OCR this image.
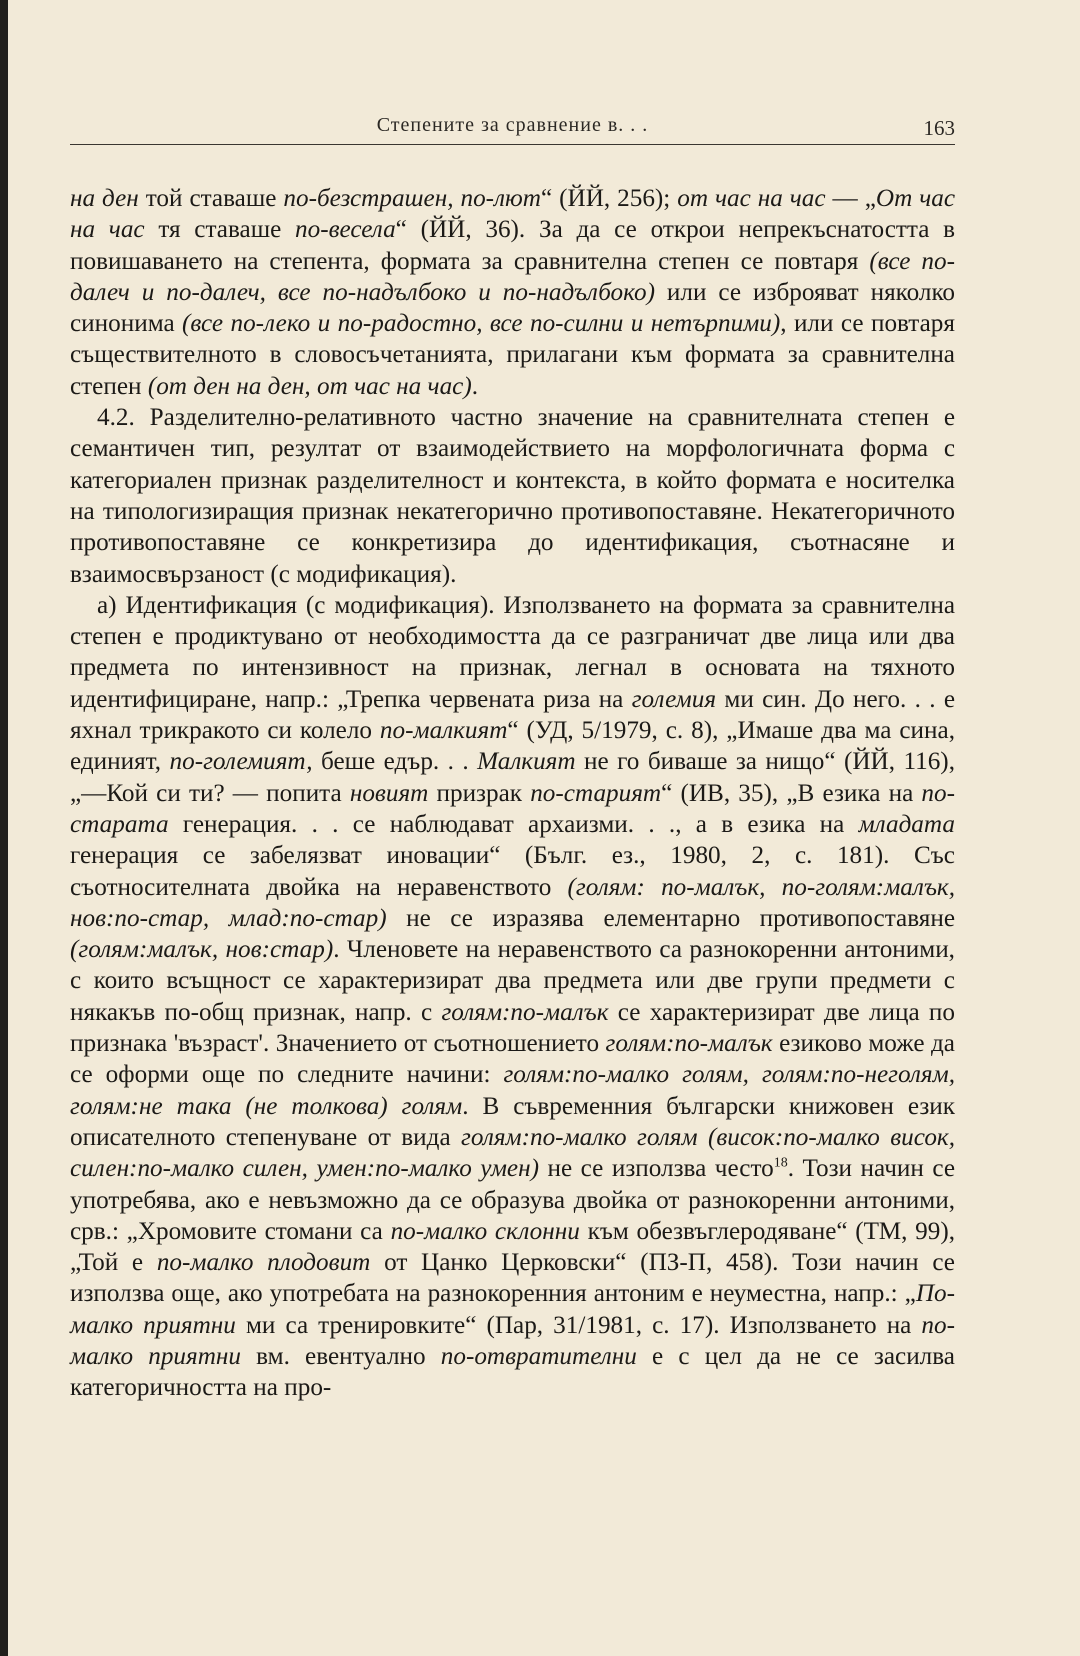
Степените за сравнение в. . .	163

на ден той ставаше по-безстрашен, по-лют“ (ЙЙ, 256); от час на час — „От час на час тя ставаше по-весела“ (ЙЙ, 36). За да се открои непрекъснатостта в повишаването на степента, формата за сравнителна степен се повтаря (все по-далеч и по-далеч, все по-надълбоко и по-надълбоко) или се изброяват няколко синонима (все по-леко и по-радостно, все по-силни и нетърпими), или се повтаря съществителното в словосъчетанията, прилагани към формата за сравнителна степен (от ден на ден, от час на час).

4.2. Разделително-релативното частно значение на сравнителната степен е семантичен тип, резултат от взаимодействието на морфологичната форма с категориален признак разделителност и контекста, в който формата е носителка на типологизиращия признак некатегорично противопоставяне. Некатегоричното противопоставяне се конкретизира до идентификация, съотнасяне и взаимосвързаност (с модификация).

а) Идентификация (с модификация). Използването на формата за сравнителна степен е продиктувано от необходимостта да се разграничат две лица или два предмета по интензивност на признак, легнал в основата на тяхното идентифициране, напр.: „Трепка червената риза на големия ми син. До него. . . е яхнал трикракото си колело по-малкият“ (УД, 5/1979, с. 8), „Имаше два ма сина, единият, по-големият, беше едър. . . Малкият не го биваше за нищо“ (ЙЙ, 116), „—Кой си ти? — попита новият призрак по-старият“ (ИВ, 35), „В езика на по-старата генерация. . . се наблюдават архаизми. . ., а в езика на младата генерация се забелязват иновации“ (Бълг. ез., 1980, 2, с. 181). Със съотносителната двойка на неравенството (голям: по-малък, по-голям:малък, нов:по-стар, млад:по-стар) не се изразява елементарно противопоставяне (голям:малък, нов:стар). Членовете на неравенството са разнокоренни антоними, с които всъщност се характеризират два предмета или две групи предмети с някакъв по-общ признак, напр. с голям:по-малък се характеризират две лица по признака 'възраст'. Значението от съотношението голям:по-малък езиково може да се оформи още по следните начини: голям:по-малко голям, голям:по-неголям, голям:не така (не толкова) голям. В съвременния български книжовен език описателното степенуване от вида голям:по-малко голям (висок:по-малко висок, силен:по-малко силен, умен:по-малко умен) не се използва често$^{18}$. Този начин се употребява, ако е невъзможно да се образува двойка от разнокоренни антоними, срв.: „Хромовите стомани са по-малко склонни към обезвъглеродяване“ (ТМ, 99), „Той е по-малко плодовит от Цанко Церковски“ (ПЗ-П, 458). Този начин се използва още, ако употребата на разнокоренния антоним е неуместна, напр.: „По-малко приятни ми са тренировките“ (Пар, 31/1981, с. 17). Използването на по-малко приятни вм. евентуално по-отвратителни е с цел да не се засилва категоричността на про-
